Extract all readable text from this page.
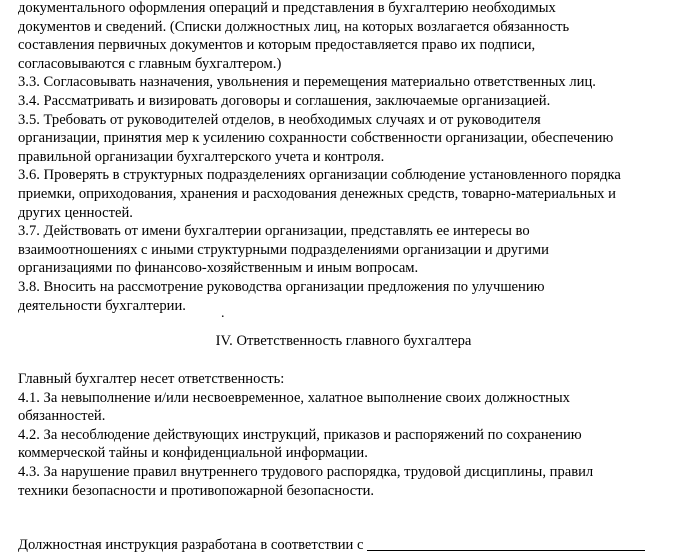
документального оформления операций и представления в бухгалтерию необходимых
документов и сведений. (Списки должностных лиц, на которых возлагается обязанность
составления первичных документов и которым предоставляется право их подписи,
согласовываются с главным бухгалтером.)
3.3. Согласовывать назначения, увольнения и перемещения материально ответственных лиц.
3.4. Рассматривать и визировать договоры и соглашения, заключаемые организацией.
3.5. Требовать от руководителей отделов, в необходимых случаях и от руководителя
организации, принятия мер к усилению сохранности собственности организации, обеспечению
правильной организации бухгалтерского учета и контроля.
3.6. Проверять в структурных подразделениях организации соблюдение установленного порядка
приемки, оприходования, хранения и расходования денежных средств, товарно-материальных и
других ценностей.
3.7. Действовать от имени бухгалтерии организации, представлять ее интересы во
взаимоотношениях с иными структурными подразделениями организации и другими
организациями по финансово-хозяйственным и иным вопросам.
3.8. Вносить на рассмотрение руководства организации предложения по улучшению
деятельности бухгалтерии.	.
IV. Ответственность главного бухгалтера
Главный бухгалтер несет ответственность:
4.1. За невыполнение и/или несвоевременное, халатное выполнение своих должностных
обязанностей.
4.2. За несоблюдение действующих инструкций, приказов и распоряжений по сохранению
коммерческой тайны и конфиденциальной информации.
4.3. За нарушение правил внутреннего трудового распорядка, трудовой дисциплины, правил
техники безопасности и противопожарной безопасности.
Должностная инструкция разработана в соответствии с
